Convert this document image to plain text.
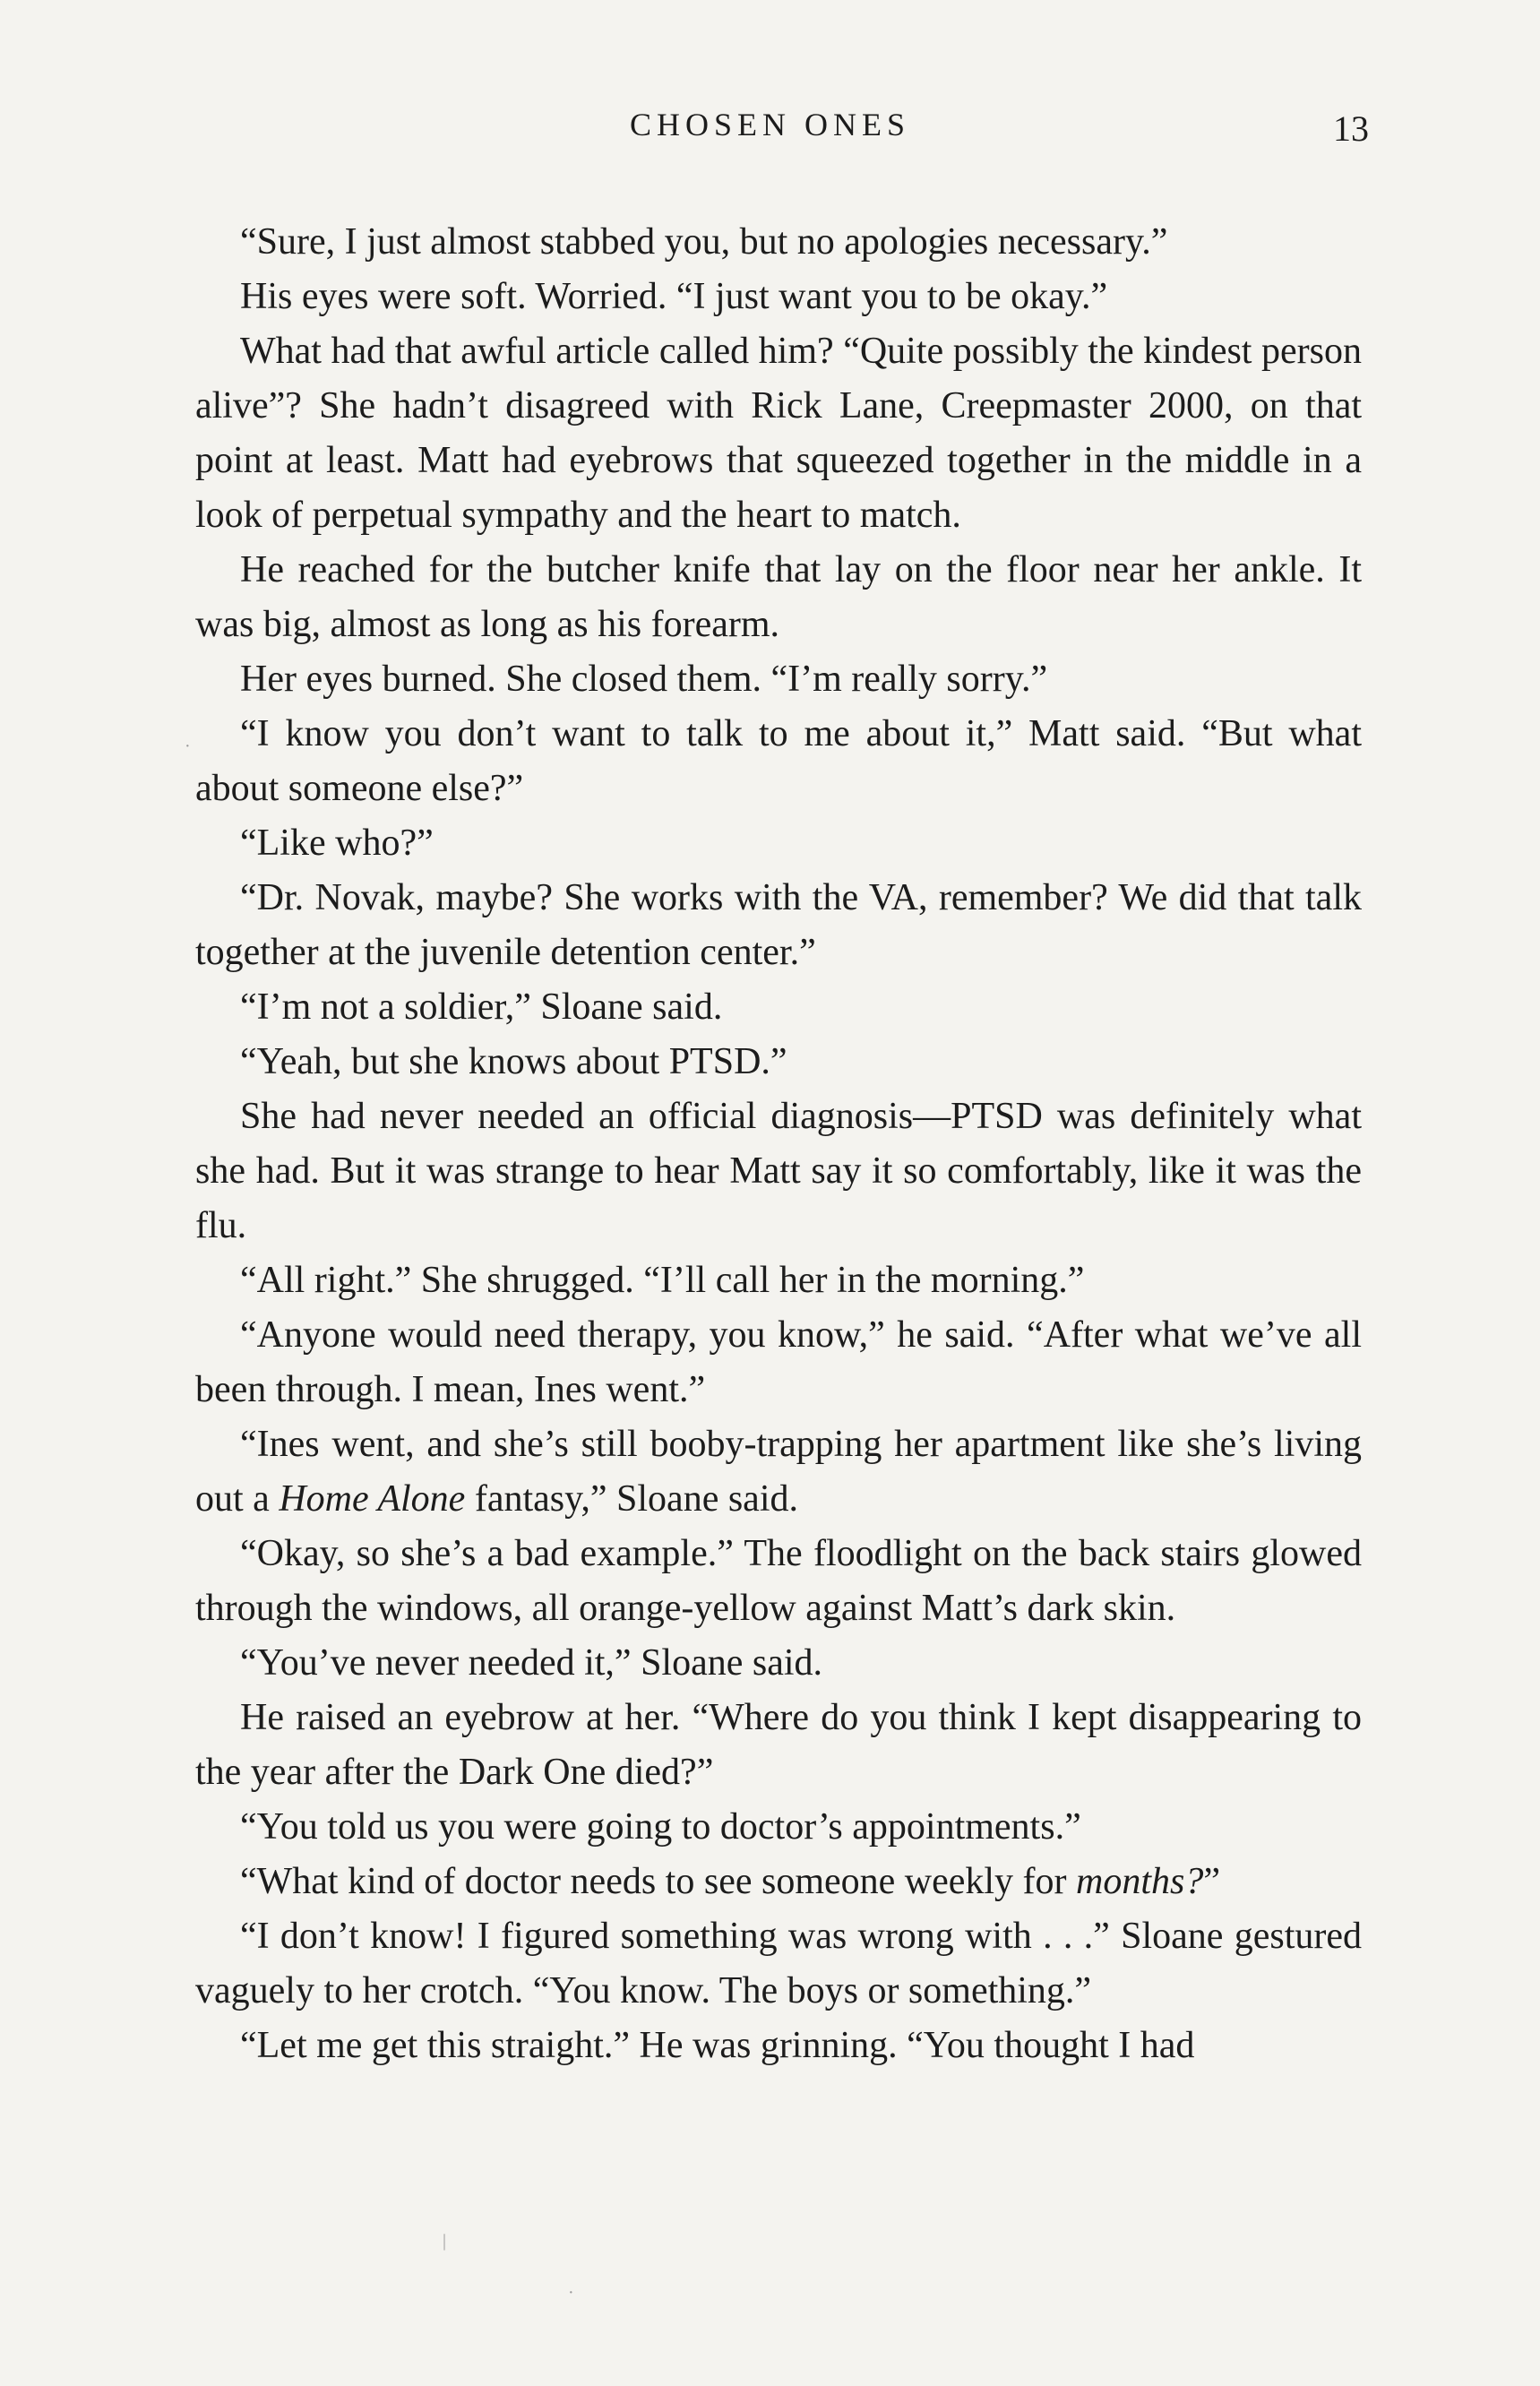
CHOSEN ONES	13

“Sure, I just almost stabbed you, but no apologies necessary.”

His eyes were soft. Worried. “I just want you to be okay.”

What had that awful article called him? “Quite possibly the kindest person alive”? She hadn’t disagreed with Rick Lane, Creepmaster 2000, on that point at least. Matt had eyebrows that squeezed together in the middle in a look of perpetual sympathy and the heart to match.

He reached for the butcher knife that lay on the floor near her ankle. It was big, almost as long as his forearm.

Her eyes burned. She closed them. “I’m really sorry.”

“I know you don’t want to talk to me about it,” Matt said. “But what about someone else?”

“Like who?”

“Dr. Novak, maybe? She works with the VA, remember? We did that talk together at the juvenile detention center.”

“I’m not a soldier,” Sloane said.

“Yeah, but she knows about PTSD.”

She had never needed an official diagnosis—PTSD was definitely what she had. But it was strange to hear Matt say it so comfortably, like it was the flu.

“All right.” She shrugged. “I’ll call her in the morning.”

“Anyone would need therapy, you know,” he said. “After what we’ve all been through. I mean, Ines went.”

“Ines went, and she’s still booby-trapping her apartment like she’s living out a Home Alone fantasy,” Sloane said.

“Okay, so she’s a bad example.” The floodlight on the back stairs glowed through the windows, all orange-yellow against Matt’s dark skin.

“You’ve never needed it,” Sloane said.

He raised an eyebrow at her. “Where do you think I kept disappearing to the year after the Dark One died?”

“You told us you were going to doctor’s appointments.”

“What kind of doctor needs to see someone weekly for months?”

“I don’t know! I figured something was wrong with . . .” Sloane gestured vaguely to her crotch. “You know. The boys or something.”

“Let me get this straight.” He was grinning. “You thought I had

·
|
·
